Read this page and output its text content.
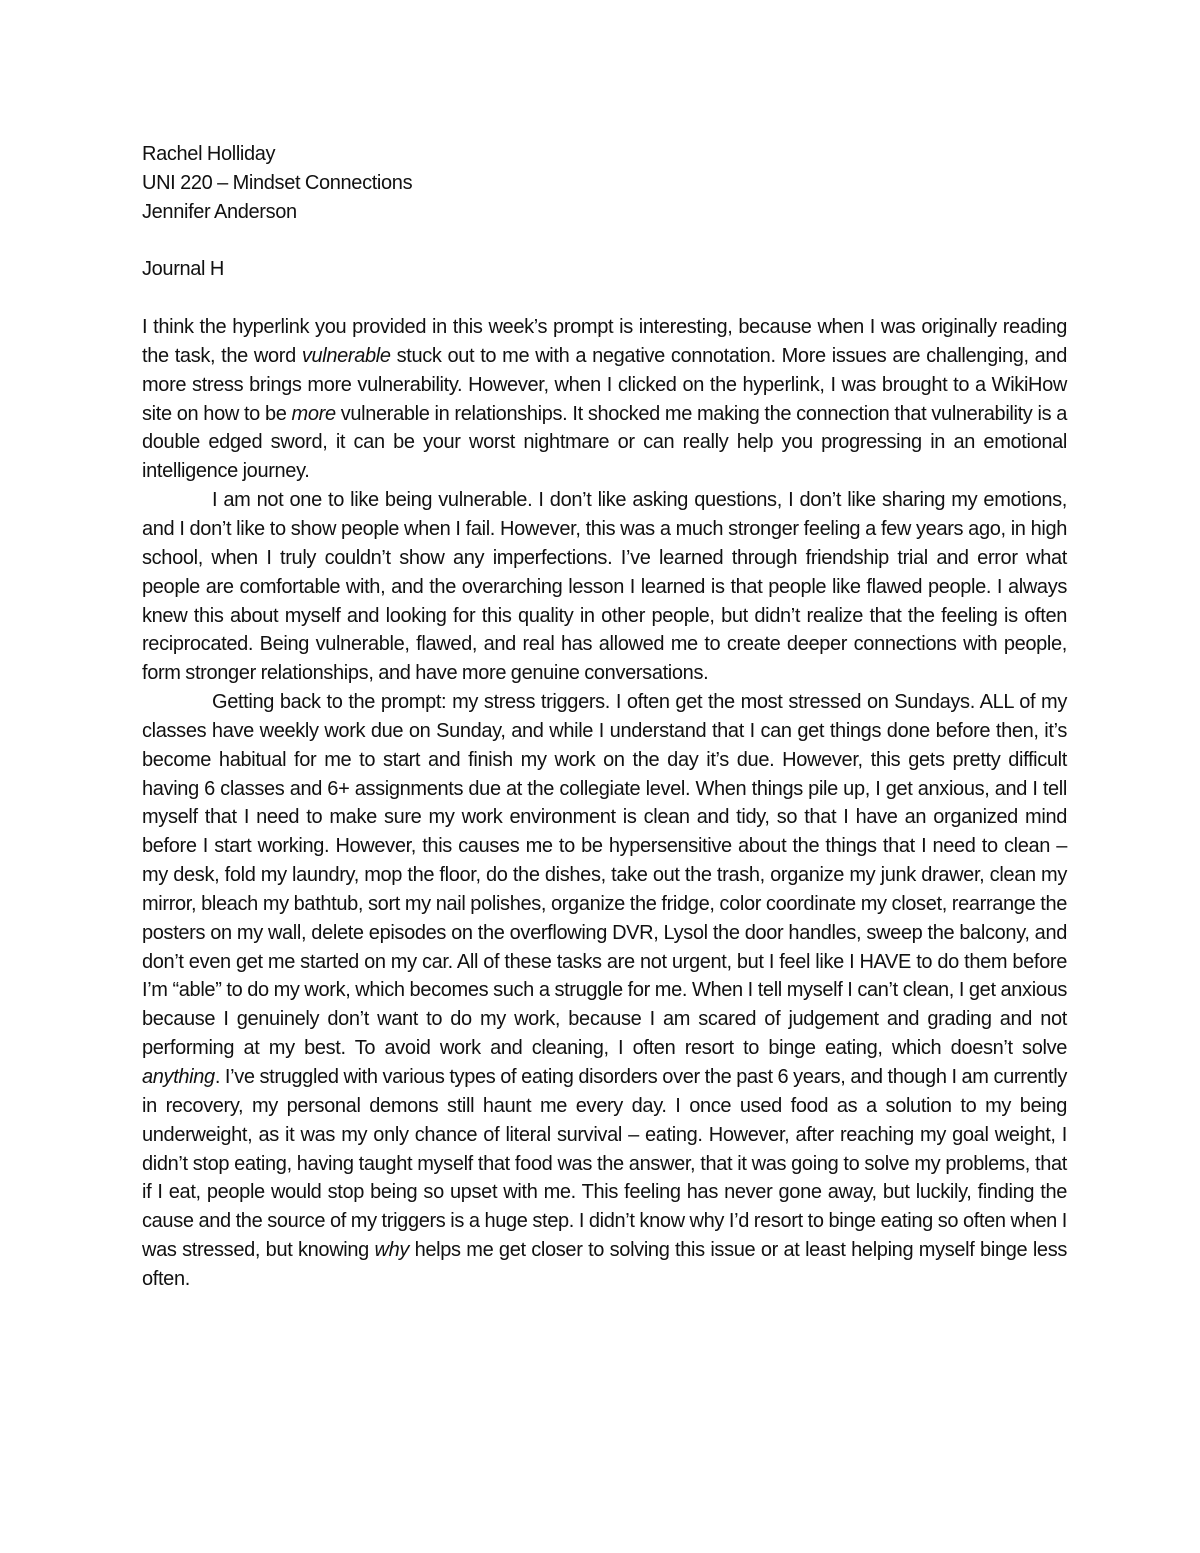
Rachel Holliday
UNI 220 – Mindset Connections
Jennifer Anderson
Journal H

I think the hyperlink you provided in this week’s prompt is interesting, because when I was originally reading the task, the word vulnerable stuck out to me with a negative connotation. More issues are challenging, and more stress brings more vulnerability. However, when I clicked on the hyperlink, I was brought to a WikiHow site on how to be more vulnerable in relationships. It shocked me making the connection that vulnerability is a double edged sword, it can be your worst nightmare or can really help you progressing in an emotional intelligence journey.

I am not one to like being vulnerable. I don’t like asking questions, I don’t like sharing my emotions, and I don’t like to show people when I fail. However, this was a much stronger feeling a few years ago, in high school, when I truly couldn’t show any imperfections. I’ve learned through friendship trial and error what people are comfortable with, and the overarching lesson I learned is that people like flawed people. I always knew this about myself and looking for this quality in other people, but didn’t realize that the feeling is often reciprocated. Being vulnerable, flawed, and real has allowed me to create deeper connections with people, form stronger relationships, and have more genuine conversations.

Getting back to the prompt: my stress triggers. I often get the most stressed on Sundays. ALL of my classes have weekly work due on Sunday, and while I understand that I can get things done before then, it’s become habitual for me to start and finish my work on the day it’s due. However, this gets pretty difficult having 6 classes and 6+ assignments due at the collegiate level. When things pile up, I get anxious, and I tell myself that I need to make sure my work environment is clean and tidy, so that I have an organized mind before I start working. However, this causes me to be hypersensitive about the things that I need to clean – my desk, fold my laundry, mop the floor, do the dishes, take out the trash, organize my junk drawer, clean my mirror, bleach my bathtub, sort my nail polishes, organize the fridge, color coordinate my closet, rearrange the posters on my wall, delete episodes on the overflowing DVR, Lysol the door handles, sweep the balcony, and don’t even get me started on my car. All of these tasks are not urgent, but I feel like I HAVE to do them before I’m “able” to do my work, which becomes such a struggle for me. When I tell myself I can’t clean, I get anxious because I genuinely don’t want to do my work, because I am scared of judgement and grading and not performing at my best. To avoid work and cleaning, I often resort to binge eating, which doesn’t solve anything. I’ve struggled with various types of eating disorders over the past 6 years, and though I am currently in recovery, my personal demons still haunt me every day. I once used food as a solution to my being underweight, as it was my only chance of literal survival – eating. However, after reaching my goal weight, I didn’t stop eating, having taught myself that food was the answer, that it was going to solve my problems, that if I eat, people would stop being so upset with me. This feeling has never gone away, but luckily, finding the cause and the source of my triggers is a huge step. I didn’t know why I’d resort to binge eating so often when I was stressed, but knowing why helps me get closer to solving this issue or at least helping myself binge less often.
